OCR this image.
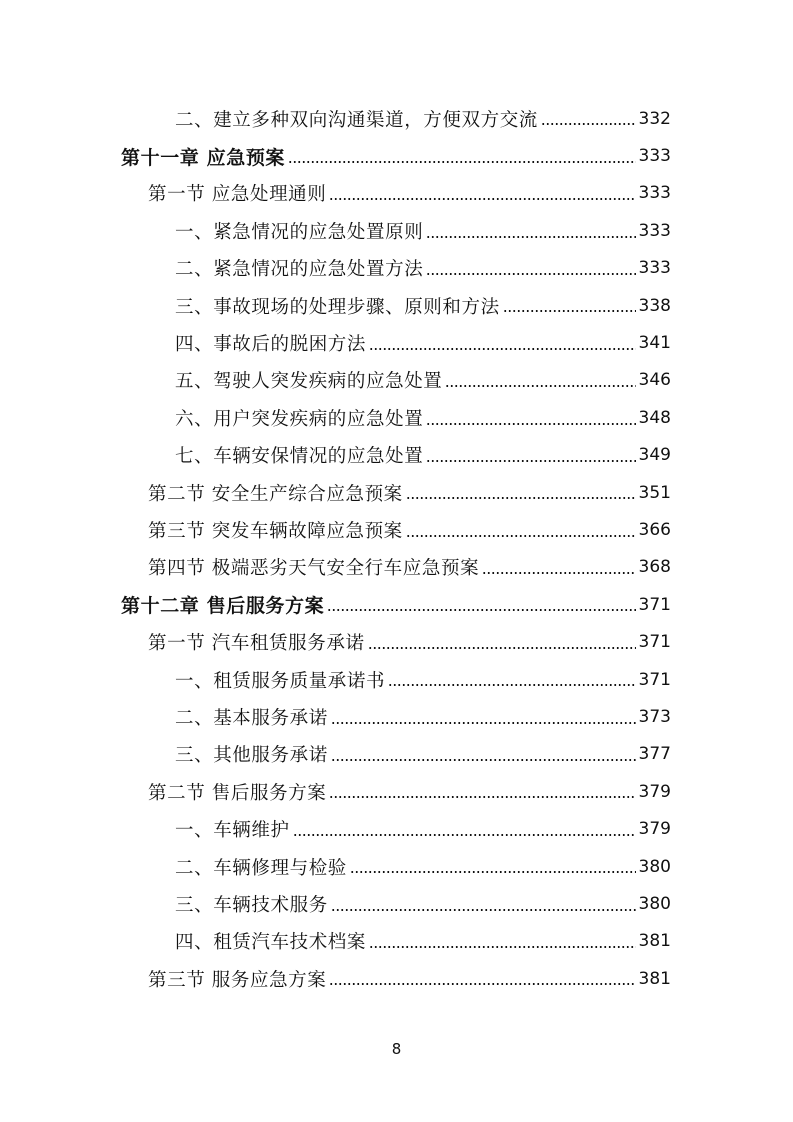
二、建立多种双向沟通渠道，方便双方交流	332
第十一章 应急预案	333
第一节 应急处理通则	333
一、紧急情况的应急处置原则	333
二、紧急情况的应急处置方法	333
三、事故现场的处理步骤、原则和方法	338
四、事故后的脱困方法	341
五、驾驶人突发疾病的应急处置	346
六、用户突发疾病的应急处置	348
七、车辆安保情况的应急处置	349
第二节 安全生产综合应急预案	351
第三节 突发车辆故障应急预案	366
第四节 极端恶劣天气安全行车应急预案	368
第十二章 售后服务方案	371
第一节 汽车租赁服务承诺	371
一、租赁服务质量承诺书	371
二、基本服务承诺	373
三、其他服务承诺	377
第二节 售后服务方案	379
一、车辆维护	379
二、车辆修理与检验	380
三、车辆技术服务	380
四、租赁汽车技术档案	381
第三节 服务应急方案	381
8
